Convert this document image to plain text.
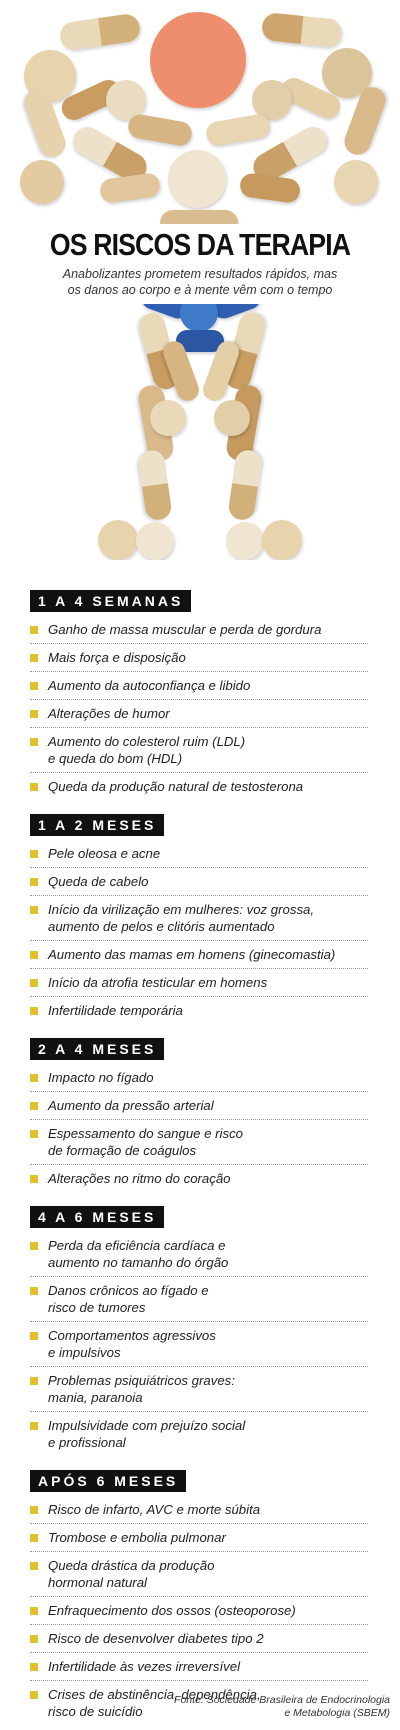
OS RISCOS DA TERAPIA
Anabolizantes prometem resultados rápidos, mas
os danos ao corpo e à mente vêm com o tempo
1 A 4 SEMANAS
Ganho de massa muscular e perda de gordura
Mais força e disposição
Aumento da autoconfiança e libido
Alterações de humor
Aumento do colesterol ruim (LDL)
e queda do bom (HDL)
Queda da produção natural de testosterona
1 A 2 MESES
Pele oleosa e acne
Queda de cabelo
Início da virilização em mulheres: voz grossa,
aumento de pelos e clitóris aumentado
Aumento das mamas em homens (ginecomastia)
Início da atrofia testicular em homens
Infertilidade temporária
2 A 4 MESES
Impacto no fígado
Aumento da pressão arterial
Espessamento do sangue e risco
de formação de coágulos
Alterações no ritmo do coração
4 A 6 MESES
Perda da eficiência cardíaca e
aumento no tamanho do órgão
Danos crônicos ao fígado e
risco de tumores
Comportamentos agressivos
e impulsivos
Problemas psiquiátricos graves:
mania, paranoia
Impulsividade com prejuízo social
e profissional
APÓS 6 MESES
Risco de infarto, AVC e morte súbita
Trombose e embolia pulmonar
Queda drástica da produção
hormonal natural
Enfraquecimento dos ossos (osteoporose)
Risco de desenvolver diabetes tipo 2
Infertilidade às vezes irreversível
Crises de abstinência, dependência,
risco de suicídio
Fonte: Sociedade Brasileira de Endocrinologia
e Metabologia (SBEM)
